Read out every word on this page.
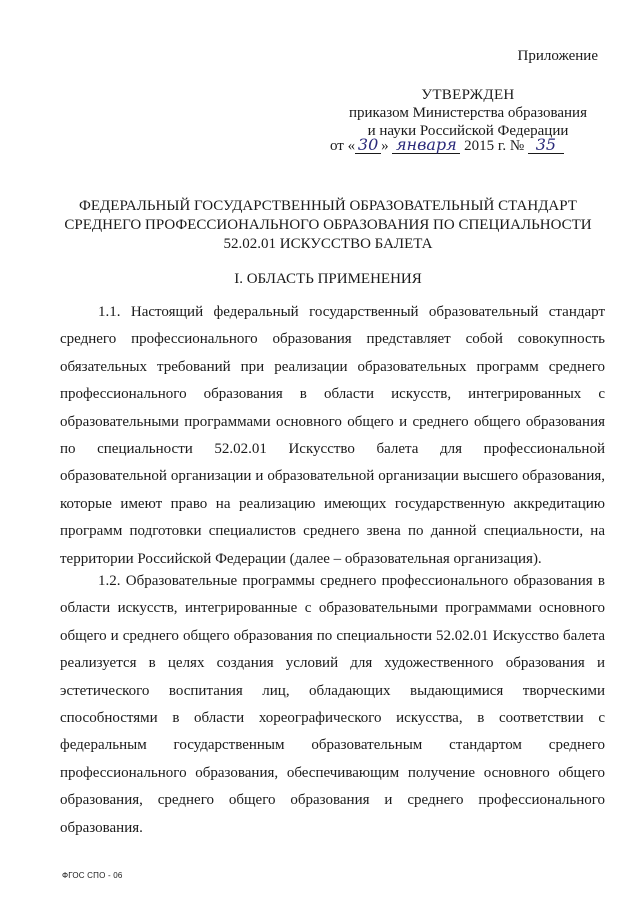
Приложение
УТВЕРЖДЕН
приказом Министерства образования
и науки Российской Федерации
от « 30 » января 2015 г. № 35
ФЕДЕРАЛЬНЫЙ ГОСУДАРСТВЕННЫЙ ОБРАЗОВАТЕЛЬНЫЙ СТАНДАРТ СРЕДНЕГО ПРОФЕССИОНАЛЬНОГО ОБРАЗОВАНИЯ ПО СПЕЦИАЛЬНОСТИ 52.02.01 ИСКУССТВО БАЛЕТА
I. ОБЛАСТЬ ПРИМЕНЕНИЯ

1.1. Настоящий федеральный государственный образовательный стандарт среднего профессионального образования представляет собой совокупность обязательных требований при реализации образовательных программ среднего профессионального образования в области искусств, интегрированных с образовательными программами основного общего и среднего общего образования по специальности 52.02.01 Искусство балета для профессиональной образовательной организации и образовательной организации высшего образования, которые имеют право на реализацию имеющих государственную аккредитацию программ подготовки специалистов среднего звена по данной специальности, на территории Российской Федерации (далее – образовательная организация).

1.2. Образовательные программы среднего профессионального образования в области искусств, интегрированные с образовательными программами основного общего и среднего общего образования по специальности 52.02.01 Искусство балета реализуется в целях создания условий для художественного образования и эстетического воспитания лиц, обладающих выдающимися творческими способностями в области хореографического искусства, в соответствии с федеральным государственным образовательным стандартом среднего профессионального образования, обеспечивающим получение основного общего образования, среднего общего образования и среднего профессионального образования.

ФГОС СПО - 06
